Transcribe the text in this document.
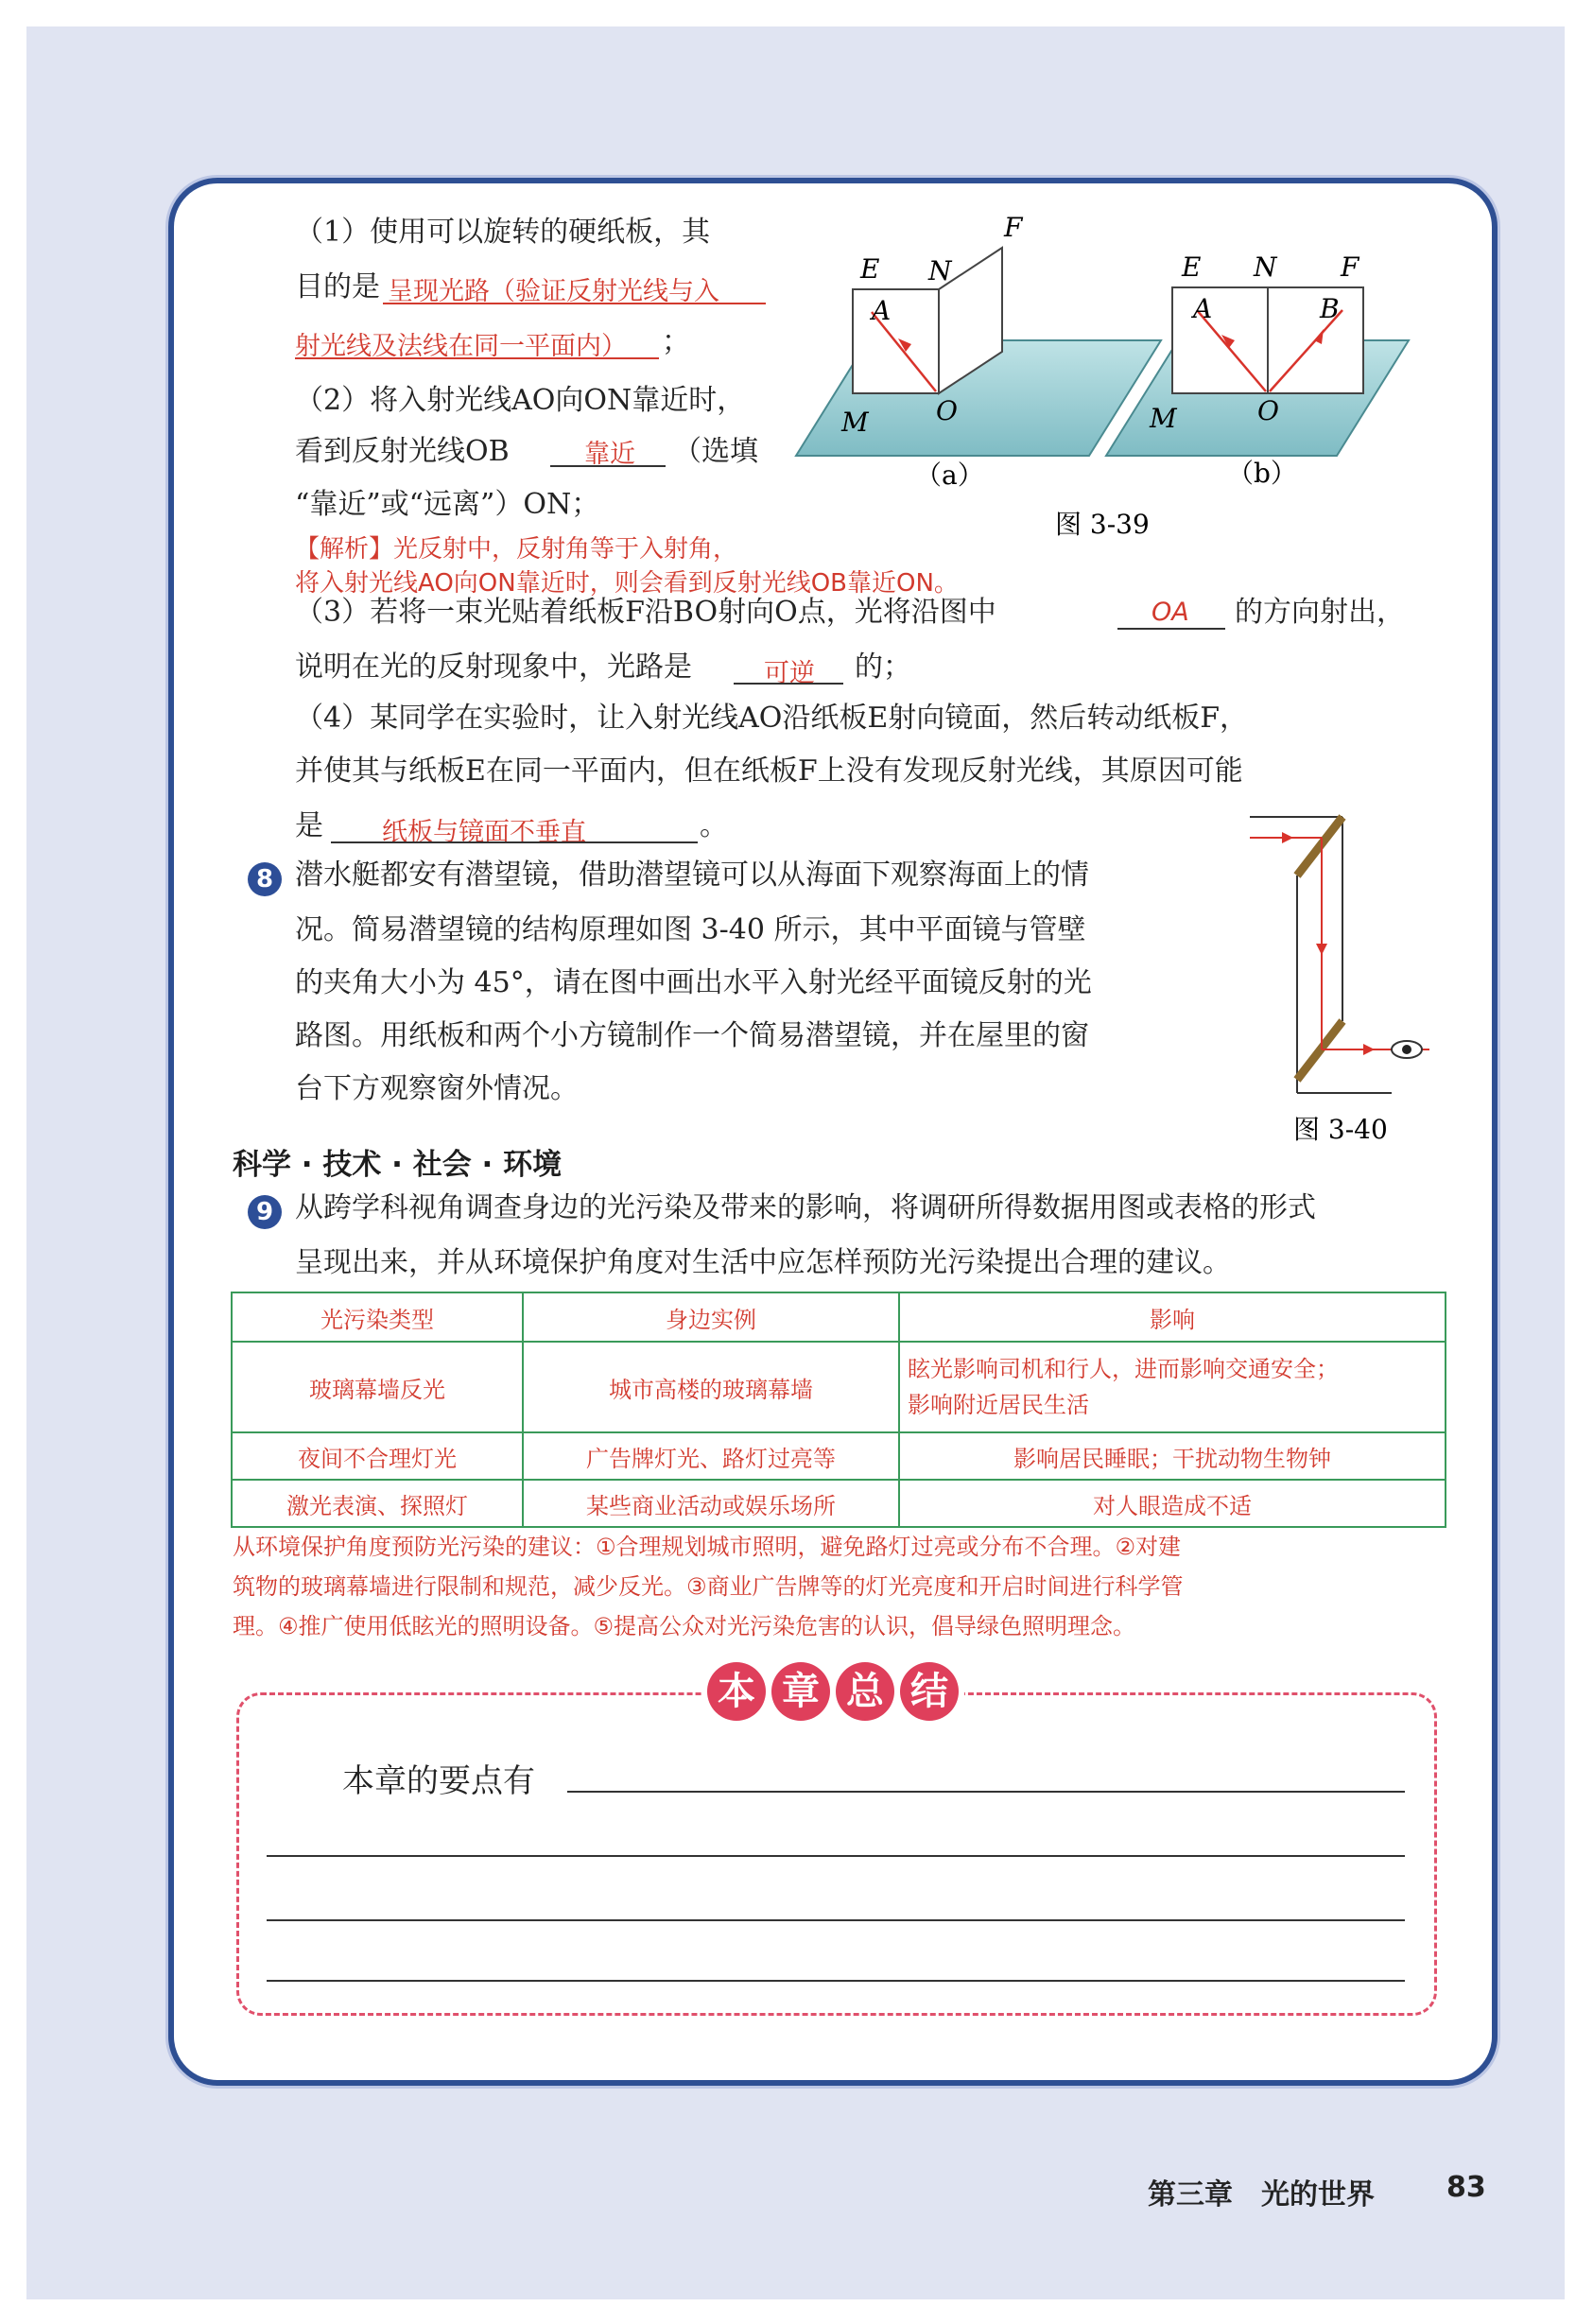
（1）使用可以旋转的硬纸板，其
目的是 呈现光路（验证反射光线与入
射光线及法线在同一平面内） ；
（2）将入射光线AO向ON靠近时，
看到反射光线OB	靠近 （选填
“靠近”或“远离”）ON；
【解析】光反射中，反射角等于入射角，
将入射光线AO向ON靠近时，则会看到反射光线OB靠近ON。
（3）若将一束光贴着纸板F沿BO射向O点，光将沿图中	OA 的方向射出，
说明在光的反射现象中，光路是	可逆 的；
（4）某同学在实验时，让入射光线AO沿纸板E射向镜面，然后转动纸板F，
并使其与纸板E在同一平面内，但在纸板F上没有发现反射光线，其原因可能
是 纸板与镜面不垂直	。
E N
F
A
O
M
（a）
E N F
A	B
O
M
（b）
图 3-39
8 潜水艇都安有潜望镜，借助潜望镜可以从海面下观察海面上的情
况。简易潜望镜的结构原理如图 3-40 所示，其中平面镜与管壁
的夹角大小为 45°，请在图中画出水平入射光经平面镜反射的光
路图。用纸板和两个小方镜制作一个简易潜望镜，并在屋里的窗
台下方观察窗外情况。
图 3-40
科学 · 技术 · 社会 · 环境
9 从跨学科视角调查身边的光污染及带来的影响，将调研所得数据用图或表格的形式
呈现出来，并从环境保护角度对生活中应怎样预防光污染提出合理的建议。
光污染类型	身边实例	影响
玻璃幕墙反光	城市高楼的玻璃幕墙	眩光影响司机和行人，进而影响交通安全；
影响附近居民生活

夜间不合理灯光	广告牌灯光、路灯过亮等	影响居民睡眠；干扰动物生物钟
激光表演、探照灯	某些商业活动或娱乐场所	对人眼造成不适
从环境保护角度预防光污染的建议：①合理规划城市照明，避免路灯过亮或分布不合理。②对建
筑物的玻璃幕墙进行限制和规范，减少反光。③商业广告牌等的灯光亮度和开启时间进行科学管
理。④推广使用低眩光的照明设备。⑤提高公众对光污染危害的认识，倡导绿色照明理念。
本 章 总 结
本章的要点有
第三章　光的世界	83
